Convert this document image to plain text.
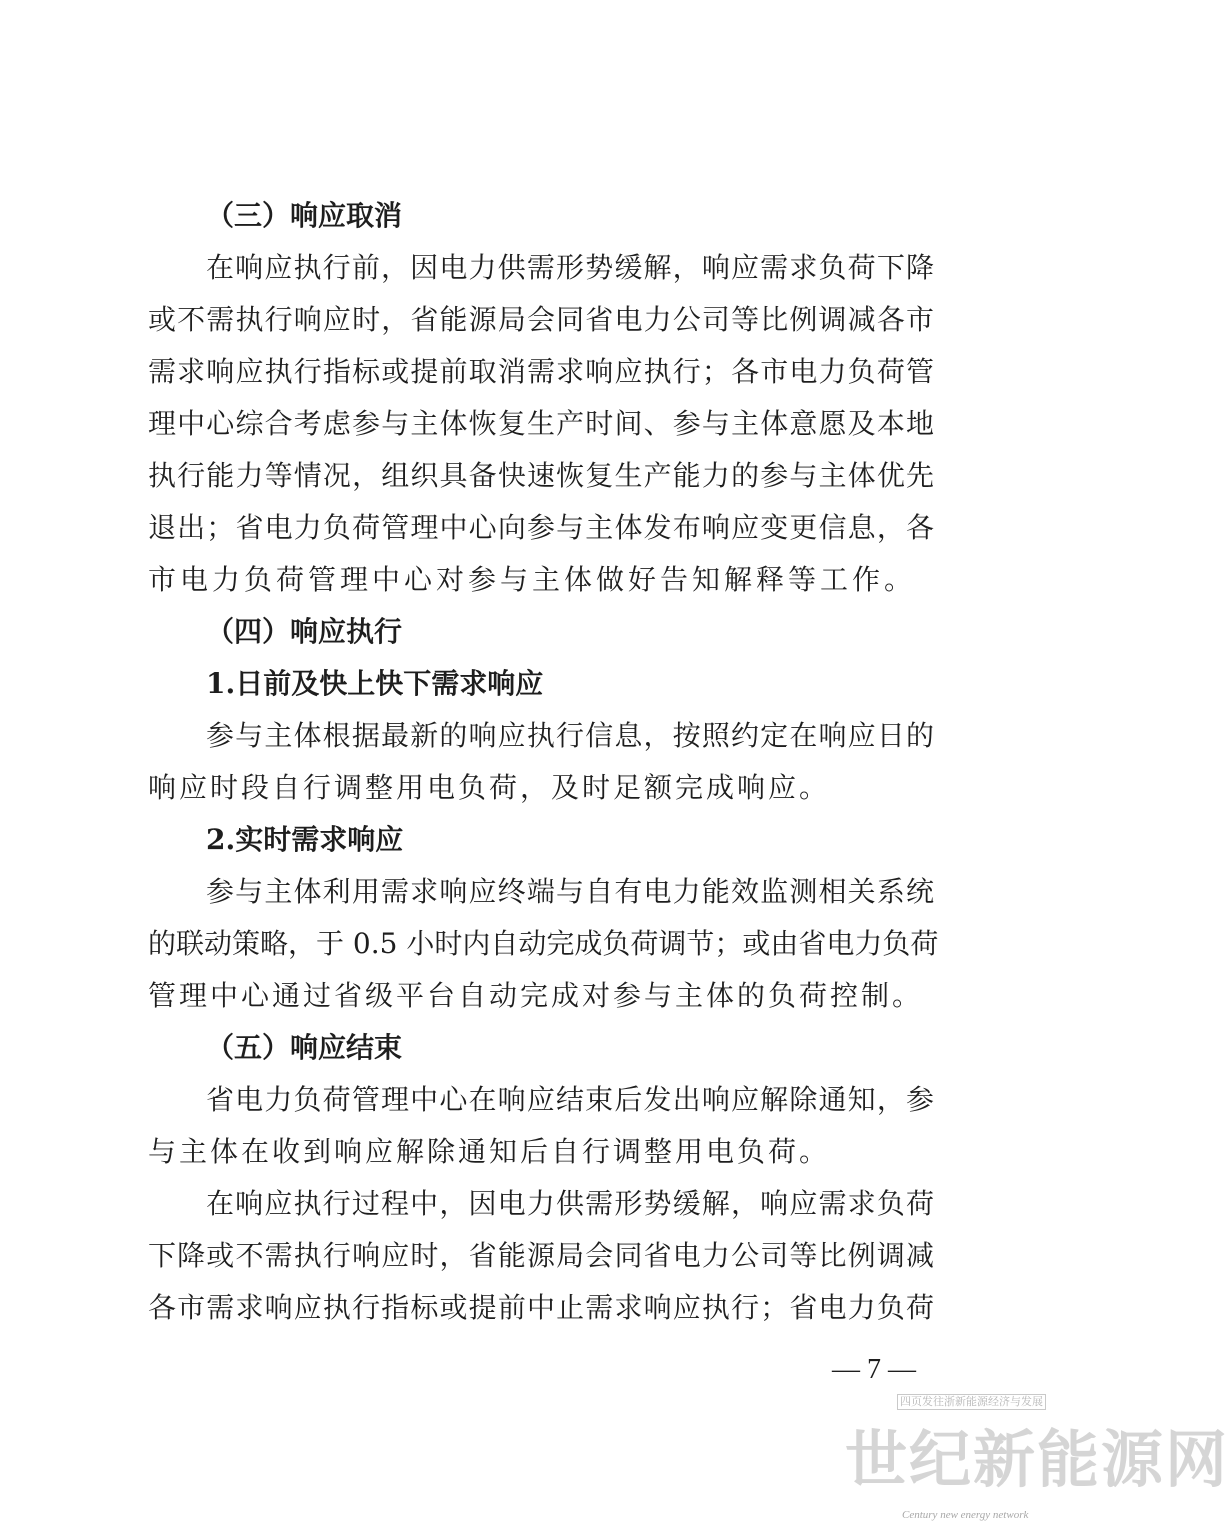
（三）响应取消
在响应执行前，因电力供需形势缓解，响应需求负荷下降
或不需执行响应时，省能源局会同省电力公司等比例调减各市
需求响应执行指标或提前取消需求响应执行；各市电力负荷管
理中心综合考虑参与主体恢复生产时间、参与主体意愿及本地
执行能力等情况，组织具备快速恢复生产能力的参与主体优先
退出；省电力负荷管理中心向参与主体发布响应变更信息，各
市电力负荷管理中心对参与主体做好告知解释等工作。
（四）响应执行
1.日前及快上快下需求响应
参与主体根据最新的响应执行信息，按照约定在响应日的
响应时段自行调整用电负荷，及时足额完成响应。
2.实时需求响应
参与主体利用需求响应终端与自有电力能效监测相关系统
的联动策略，于 0.5 小时内自动完成负荷调节；或由省电力负荷
管理中心通过省级平台自动完成对参与主体的负荷控制。
（五）响应结束
省电力负荷管理中心在响应结束后发出响应解除通知，参
与主体在收到响应解除通知后自行调整用电负荷。
在响应执行过程中，因电力供需形势缓解，响应需求负荷
下降或不需执行响应时，省能源局会同省电力公司等比例调减
各市需求响应执行指标或提前中止需求响应执行；省电力负荷
— 7 —
四页发往浙新能源经济与发展
世纪新能源网
Century new energy network
